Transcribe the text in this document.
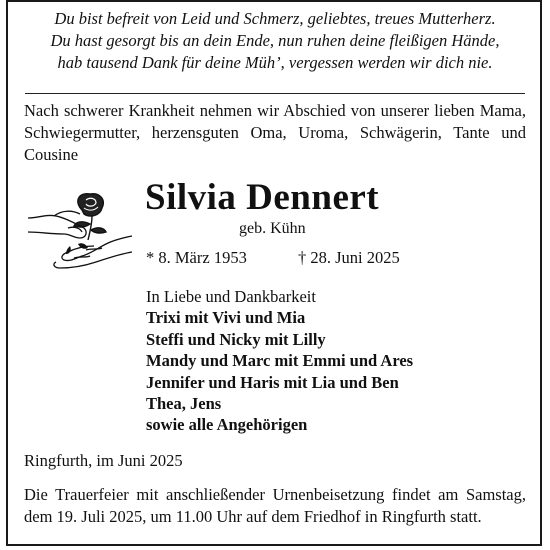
Du bist befreit von Leid und Schmerz, geliebtes, treues Mutterherz.
Du hast gesorgt bis an dein Ende, nun ruhen deine fleißigen Hände,
hab tausend Dank für deine Müh’, vergessen werden wir dich nie.
Nach schwerer Krankheit nehmen wir Abschied von unserer lieben Mama, Schwiegermutter, herzensguten Oma, Uroma, Schwägerin, Tante und Cousine
Silvia Dennert
geb. Kühn
* 8. März 1953	† 28. Juni 2025
In Liebe und Dankbarkeit
Trixi mit Vivi und Mia
Steffi und Nicky mit Lilly
Mandy und Marc mit Emmi und Ares
Jennifer und Haris mit Lia und Ben
Thea, Jens
sowie alle Angehörigen
Ringfurth, im Juni 2025
Die Trauerfeier mit anschließender Urnenbeisetzung findet am Samstag, dem 19. Juli 2025, um 11.00 Uhr auf dem Friedhof in Ringfurth statt.
